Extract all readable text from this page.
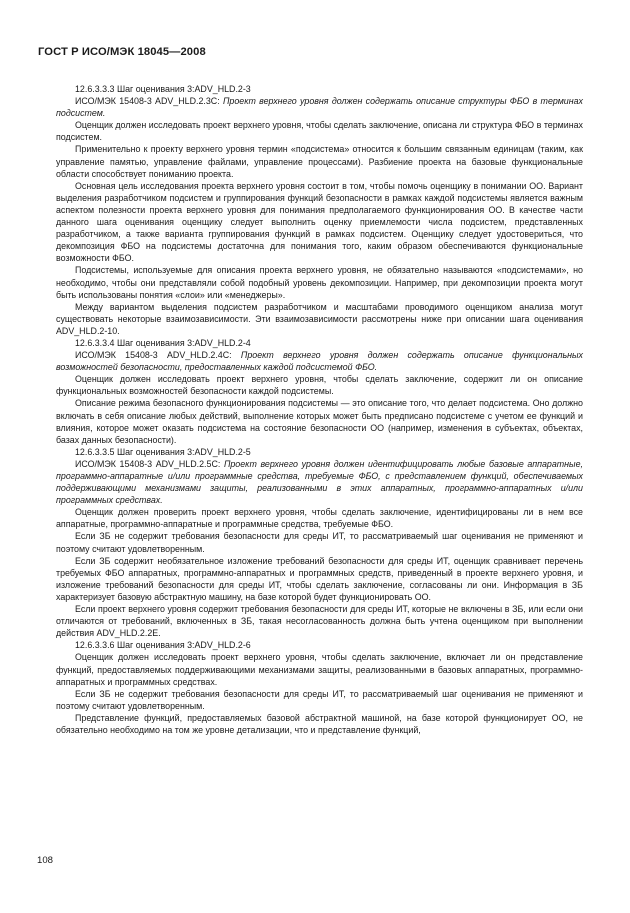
ГОСТ Р ИСО/МЭК 18045—2008

12.6.3.3.3 Шаг оценивания 3:ADV_HLD.2-3

ИСО/МЭК 15408-3 ADV_HLD.2.3С: Проект верхнего уровня должен содержать описание структуры ФБО в терминах подсистем.

Оценщик должен исследовать проект верхнего уровня, чтобы сделать заключение, описана ли структура ФБО в терминах подсистем.

Применительно к проекту верхнего уровня термин «подсистема» относится к большим связанным единицам (таким, как управление памятью, управление файлами, управление процессами). Разбиение проекта на базовые функциональные области способствует пониманию проекта.

Основная цель исследования проекта верхнего уровня состоит в том, чтобы помочь оценщику в понимании ОО. Вариант выделения разработчиком подсистем и группирования функций безопасности в рамках каждой подсистемы является важным аспектом полезности проекта верхнего уровня для понимания предполагаемого функционирования ОО. В качестве части данного шага оценивания оценщику следует выполнить оценку приемлемости числа подсистем, представленных разработчиком, а также варианта группирования функций в рамках подсистем. Оценщику следует удостовериться, что декомпозиция ФБО на подсистемы достаточна для понимания того, каким образом обеспечиваются функциональные возможности ФБО.

Подсистемы, используемые для описания проекта верхнего уровня, не обязательно называются «подсистемами», но необходимо, чтобы они представляли собой подобный уровень декомпозиции. Например, при декомпозиции проекта могут быть использованы понятия «слои» или «менеджеры».

Между вариантом выделения подсистем разработчиком и масштабами проводимого оценщиком анализа могут существовать некоторые взаимозависимости. Эти взаимозависимости рассмотрены ниже при описании шага оценивания ADV_HLD.2-10.

12.6.3.3.4 Шаг оценивания 3:ADV_HLD.2-4

ИСО/МЭК 15408-3 ADV_HLD.2.4С: Проект верхнего уровня должен содержать описание функциональных возможностей безопасности, предоставленных каждой подсистемой ФБО.

Оценщик должен исследовать проект верхнего уровня, чтобы сделать заключение, содержит ли он описание функциональных возможностей безопасности каждой подсистемы.

Описание режима безопасного функционирования подсистемы — это описание того, что делает подсистема. Оно должно включать в себя описание любых действий, выполнение которых может быть предписано подсистеме с учетом ее функций и влияния, которое может оказать подсистема на состояние безопасности ОО (например, изменения в субъектах, объектах, базах данных безопасности).

12.6.3.3.5 Шаг оценивания 3:ADV_HLD.2-5

ИСО/МЭК 15408-3 ADV_HLD.2.5С: Проект верхнего уровня должен идентифицировать любые базовые аппаратные, программно-аппаратные и/или программные средства, требуемые ФБО, с представлением функций, обеспечиваемых поддерживающими механизмами защиты, реализованными в этих аппаратных, программно-аппаратных и/или программных средствах.

Оценщик должен проверить проект верхнего уровня, чтобы сделать заключение, идентифицированы ли в нем все аппаратные, программно-аппаратные и программные средства, требуемые ФБО.

Если ЗБ не содержит требования безопасности для среды ИТ, то рассматриваемый шаг оценивания не применяют и поэтому считают удовлетворенным.

Если ЗБ содержит необязательное изложение требований безопасности для среды ИТ, оценщик сравнивает перечень требуемых ФБО аппаратных, программно-аппаратных и программных средств, приведенный в проекте верхнего уровня, и изложение требований безопасности для среды ИТ, чтобы сделать заключение, согласованы ли они. Информация в ЗБ характеризует базовую абстрактную машину, на базе которой будет функционировать ОО.

Если проект верхнего уровня содержит требования безопасности для среды ИТ, которые не включены в ЗБ, или если они отличаются от требований, включенных в ЗБ, такая несогласованность должна быть учтена оценщиком при выполнении действия ADV_HLD.2.2Е.

12.6.3.3.6 Шаг оценивания 3:ADV_HLD.2-6

Оценщик должен исследовать проект верхнего уровня, чтобы сделать заключение, включает ли он представление функций, предоставляемых поддерживающими механизмами защиты, реализованными в базовых аппаратных, программно-аппаратных и программных средствах.

Если ЗБ не содержит требования безопасности для среды ИТ, то рассматриваемый шаг оценивания не применяют и поэтому считают удовлетворенным.

Представление функций, предоставляемых базовой абстрактной машиной, на базе которой функционирует ОО, не обязательно необходимо на том же уровне детализации, что и представление функций,

108
